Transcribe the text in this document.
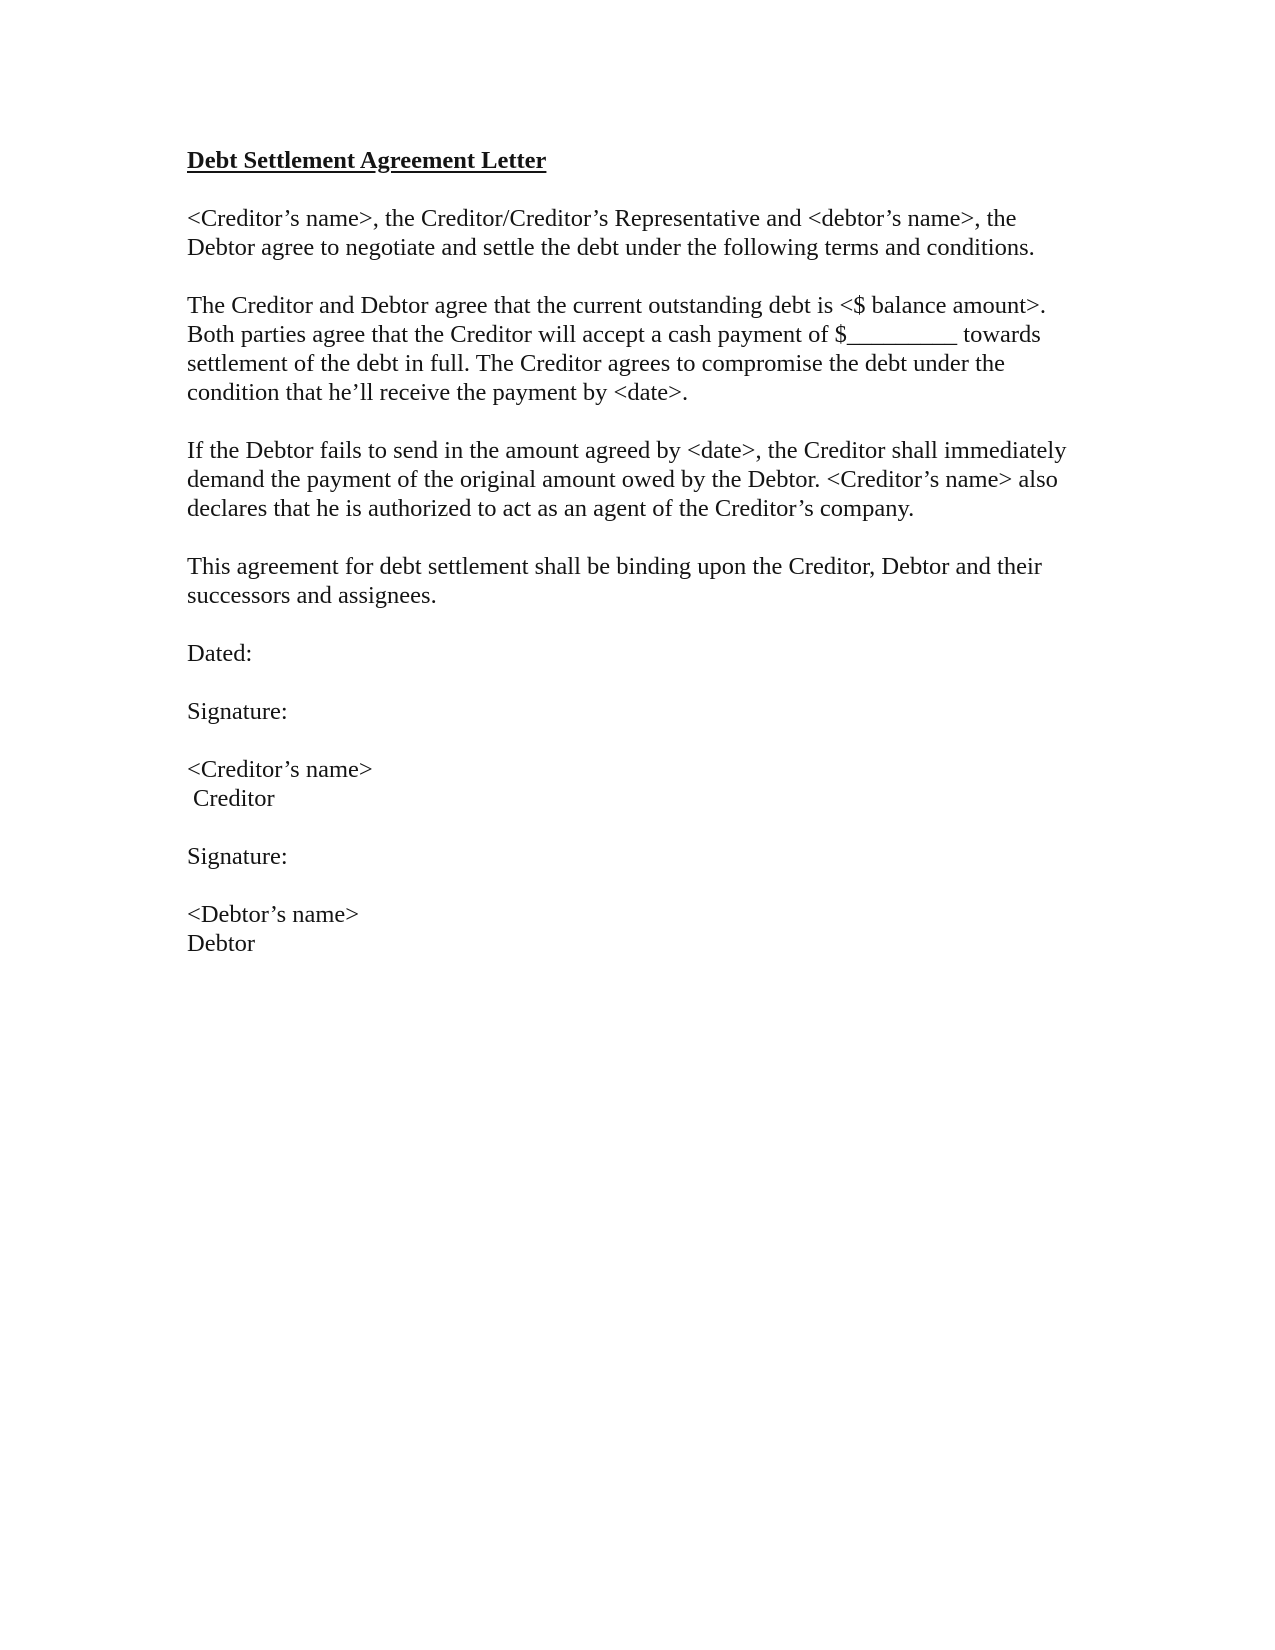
Debt Settlement Agreement Letter
<Creditor’s name>, the Creditor/Creditor’s Representative and <debtor’s name>, the
Debtor agree to negotiate and settle the debt under the following terms and conditions.
The Creditor and Debtor agree that the current outstanding debt is <$ balance amount>.
Both parties agree that the Creditor will accept a cash payment of $_________ towards
settlement of the debt in full. The Creditor agrees to compromise the debt under the
condition that he’ll receive the payment by <date>.
If the Debtor fails to send in the amount agreed by <date>, the Creditor shall immediately
demand the payment of the original amount owed by the Debtor. <Creditor’s name> also
declares that he is authorized to act as an agent of the Creditor’s company.
This agreement for debt settlement shall be binding upon the Creditor, Debtor and their
successors and assignees.
Dated:
Signature:
<Creditor’s name>
Creditor
Signature:
<Debtor’s name>
Debtor
